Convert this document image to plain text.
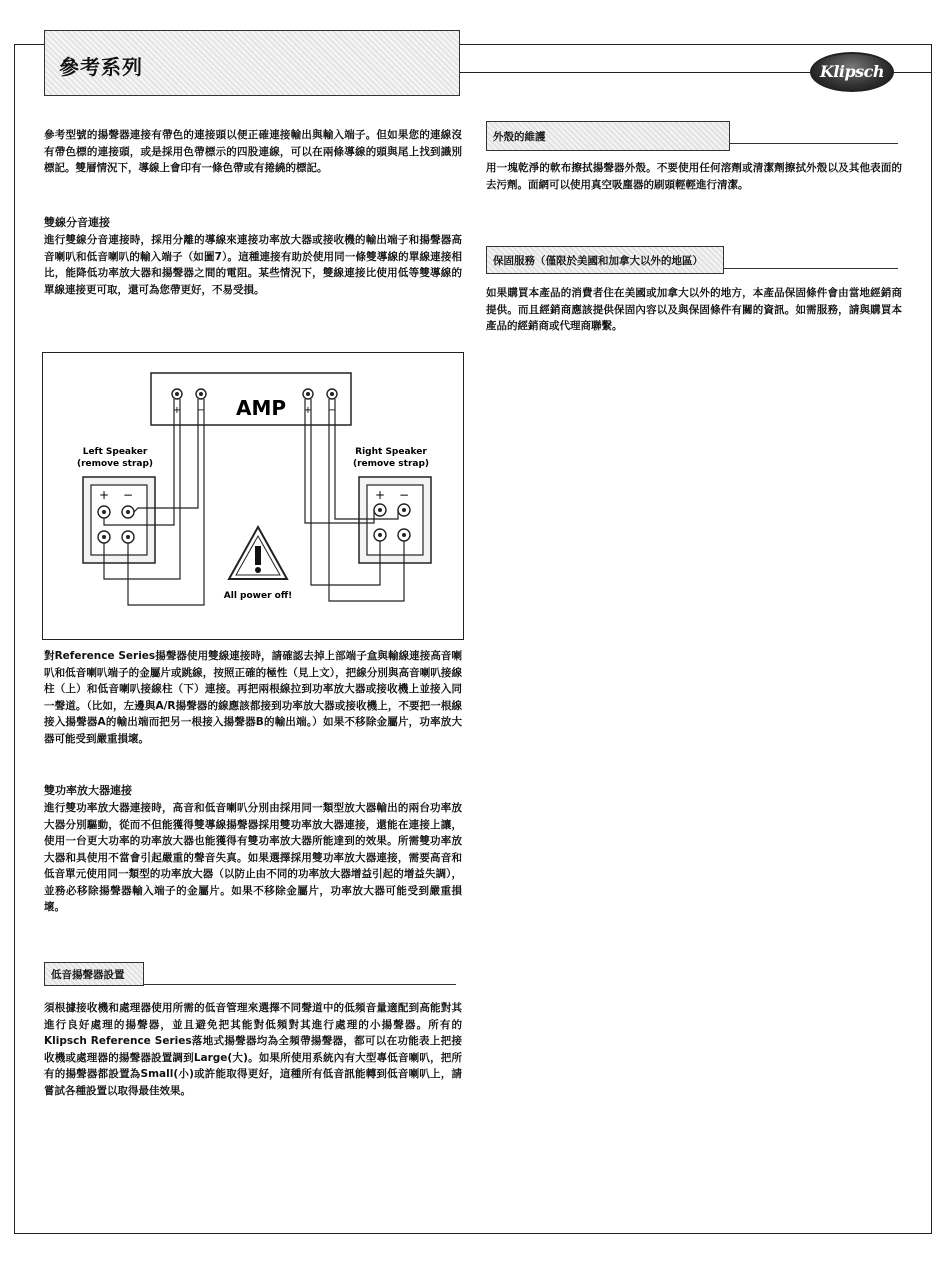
參考系列	Klipsch

參考型號的揚聲器連接有帶色的連接頭以便正確連接輸出與輸入端子。但如果您的連線沒有帶色標的連接頭，或是採用色帶標示的四股連線，可以在兩條導線的頭與尾上找到識別標記。雙層情況下，導線上會印有一條色帶或有捲繞的標記。

雙線分音連接

進行雙線分音連接時，採用分離的導線來連接功率放大器或接收機的輸出端子和揚聲器高音喇叭和低音喇叭的輸入端子（如圖7）。這種連接有助於使用同一條雙導線的單線連接相比，能降低功率放大器和揚聲器之間的電阻。某些情況下，雙線連接比使用低等雙導線的單線連接更可取，還可為您帶更好，不易受損。

AMP
+ −	+ −
Left Speaker
(remove strap)
Right Speaker
(remove strap)
+ −	+ −
All power off!

對Reference Series揚聲器使用雙線連接時，請確認去掉上部端子盒與輸線連接高音喇叭和低音喇叭端子的金屬片或跳線，按照正確的極性（見上文），把線分別與高音喇叭接線柱（上）和低音喇叭接線柱（下）連接。再把兩根線拉到功率放大器或接收機上並接入同一聲道。（比如，左邊與A/R揚聲器的線應該都接到功率放大器或接收機上，不要把一根線接入揚聲器A的輸出端而把另一根接入揚聲器B的輸出端。）如果不移除金屬片，功率放大器可能受到嚴重損壞。

雙功率放大器連接

進行雙功率放大器連接時，高音和低音喇叭分別由採用同一類型放大器輸出的兩台功率放大器分別驅動，從而不但能獲得雙導線揚聲器採用雙功率放大器連接，還能在連接上讓，使用一台更大功率的功率放大器也能獲得有雙功率放大器所能達到的效果。所需雙功率放大器和具使用不當會引起嚴重的聲音失真。如果選擇採用雙功率放大器連接，需要高音和低音單元使用同一類型的功率放大器（以防止由不同的功率放大器增益引起的增益失調），並務必移除揚聲器輸入端子的金屬片。如果不移除金屬片，功率放大器可能受到嚴重損壞。

低音揚聲器設置

須根據接收機和處理器使用所需的低音管理來選擇不同聲道中的低頻音量適配到高能對其進行良好處理的揚聲器，並且避免把其能對低頻對其進行處理的小揚聲器。所有的Klipsch Reference Series落地式揚聲器均為全頻帶揚聲器，都可以在功能表上把接收機或處理器的揚聲器設置調到Large(大)。如果所使用系統內有大型專低音喇叭，把所有的揚聲器都設置為Small(小)或許能取得更好，這種所有低音訊能轉到低音喇叭上，請嘗試各種設置以取得最佳效果。

外殼的維護

用一塊乾淨的軟布擦拭揚聲器外殼。不要使用任何溶劑或清潔劑擦拭外殼以及其他表面的去污劑。面網可以使用真空吸塵器的刷頭輕輕進行清潔。

保固服務（僅限於美國和加拿大以外的地區）

如果購買本產品的消費者住在美國或加拿大以外的地方，本產品保固條件會由當地經銷商提供。而且經銷商應該提供保固內容以及與保固條件有關的資訊。如需服務，請與購買本產品的經銷商或代理商聯繫。
